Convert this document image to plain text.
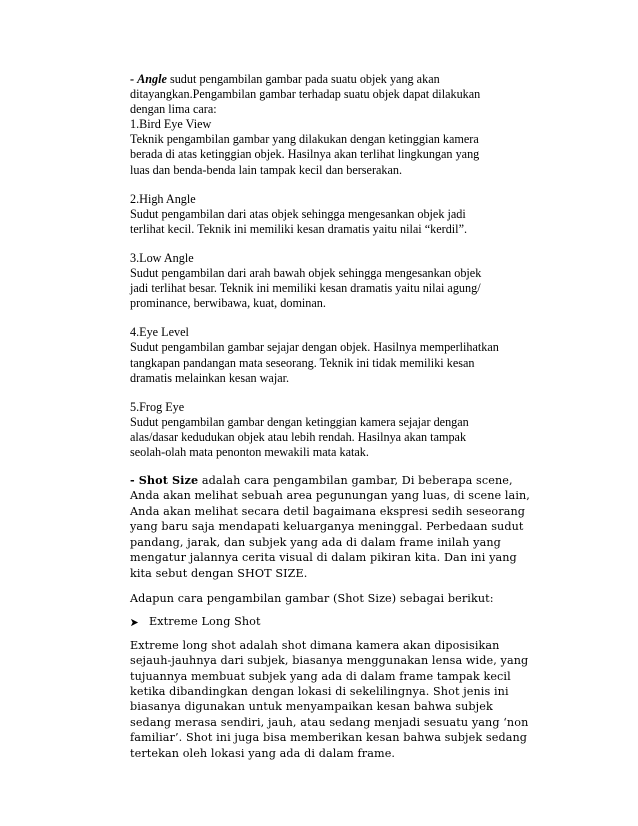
- Angle sudut pengambilan gambar pada suatu objek yang akan
ditayangkan.Pengambilan gambar terhadap suatu objek dapat dilakukan
dengan lima cara:
1.Bird Eye View
Teknik pengambilan gambar yang dilakukan dengan ketinggian kamera
berada di atas ketinggian objek. Hasilnya akan terlihat lingkungan yang
luas dan benda-benda lain tampak kecil dan berserakan.
2.High Angle
Sudut pengambilan dari atas objek sehingga mengesankan objek jadi
terlihat kecil. Teknik ini memiliki kesan dramatis yaitu nilai “kerdil”.
3.Low Angle
Sudut pengambilan dari arah bawah objek sehingga mengesankan objek
jadi terlihat besar. Teknik ini memiliki kesan dramatis yaitu nilai agung/
prominance, berwibawa, kuat, dominan.
4.Eye Level
Sudut pengambilan gambar sejajar dengan objek. Hasilnya memperlihatkan
tangkapan pandangan mata seseorang. Teknik ini tidak memiliki kesan
dramatis melainkan kesan wajar.
5.Frog Eye
Sudut pengambilan gambar dengan ketinggian kamera sejajar dengan
alas/dasar kedudukan objek atau lebih rendah. Hasilnya akan tampak
seolah-olah mata penonton mewakili mata katak.
- Shot Size adalah cara pengambilan gambar, Di beberapa scene,
Anda akan melihat sebuah area pegunungan yang luas, di scene lain,
Anda akan melihat secara detil bagaimana ekspresi sedih seseorang
yang baru saja mendapati keluarganya meninggal. Perbedaan sudut
pandang, jarak, dan subjek yang ada di dalam frame inilah yang
mengatur jalannya cerita visual di dalam pikiran kita. Dan ini yang
kita sebut dengan SHOT SIZE.
Adapun cara pengambilan gambar (Shot Size) sebagai berikut:
Extreme Long Shot
Extreme long shot adalah shot dimana kamera akan diposisikan
sejauh-jauhnya dari subjek, biasanya menggunakan lensa wide, yang
tujuannya membuat subjek yang ada di dalam frame tampak kecil
ketika dibandingkan dengan lokasi di sekelilingnya. Shot jenis ini
biasanya digunakan untuk menyampaikan kesan bahwa subjek
sedang merasa sendiri, jauh, atau sedang menjadi sesuatu yang ‘non
familiar’. Shot ini juga bisa memberikan kesan bahwa subjek sedang
tertekan oleh lokasi yang ada di dalam frame.
